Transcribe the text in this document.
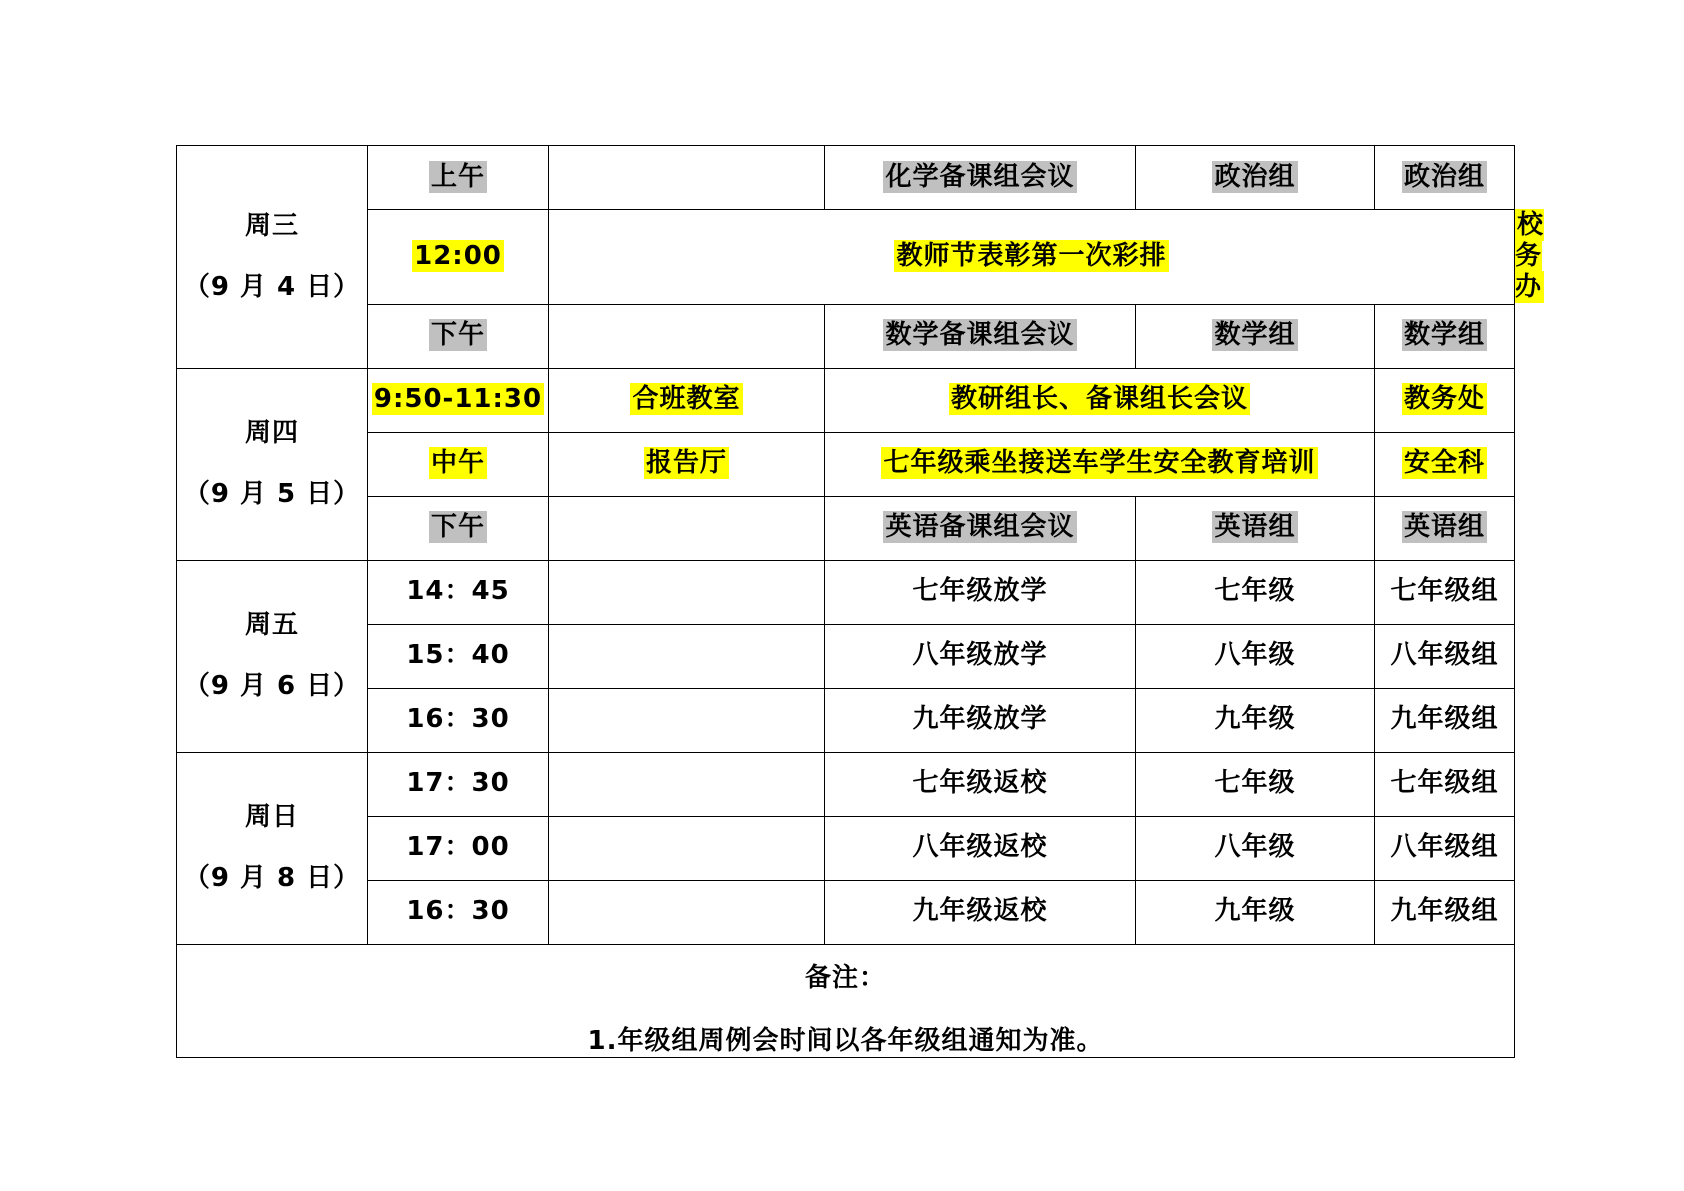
周三
（9 月 4 日）	上午		化学备课组会议	政治组	政治组	
	12:00	教师节表彰第一次彩排				校务办
	下午		数学备课组会议	数学组	数学组	
周四
（9 月 5 日）	9:50-11:30	合班教室	教研组长、备课组长会议		教务处	
	中午	报告厅	七年级乘坐接送车学生安全教育培训		安全科	
	下午		英语备课组会议	英语组	英语组	
周五
（9 月 6 日）	14：45		七年级放学	七年级	七年级组	
	15：40		八年级放学	八年级	八年级组	
	16：30		九年级放学	九年级	九年级组	
周日
（9 月 8 日）	17：30		七年级返校	七年级	七年级组	
	17：00		八年级返校	八年级	八年级组	
	16：30		九年级返校	九年级	九年级组	

备注：
1.年级组周例会时间以各年级组通知为准。						
